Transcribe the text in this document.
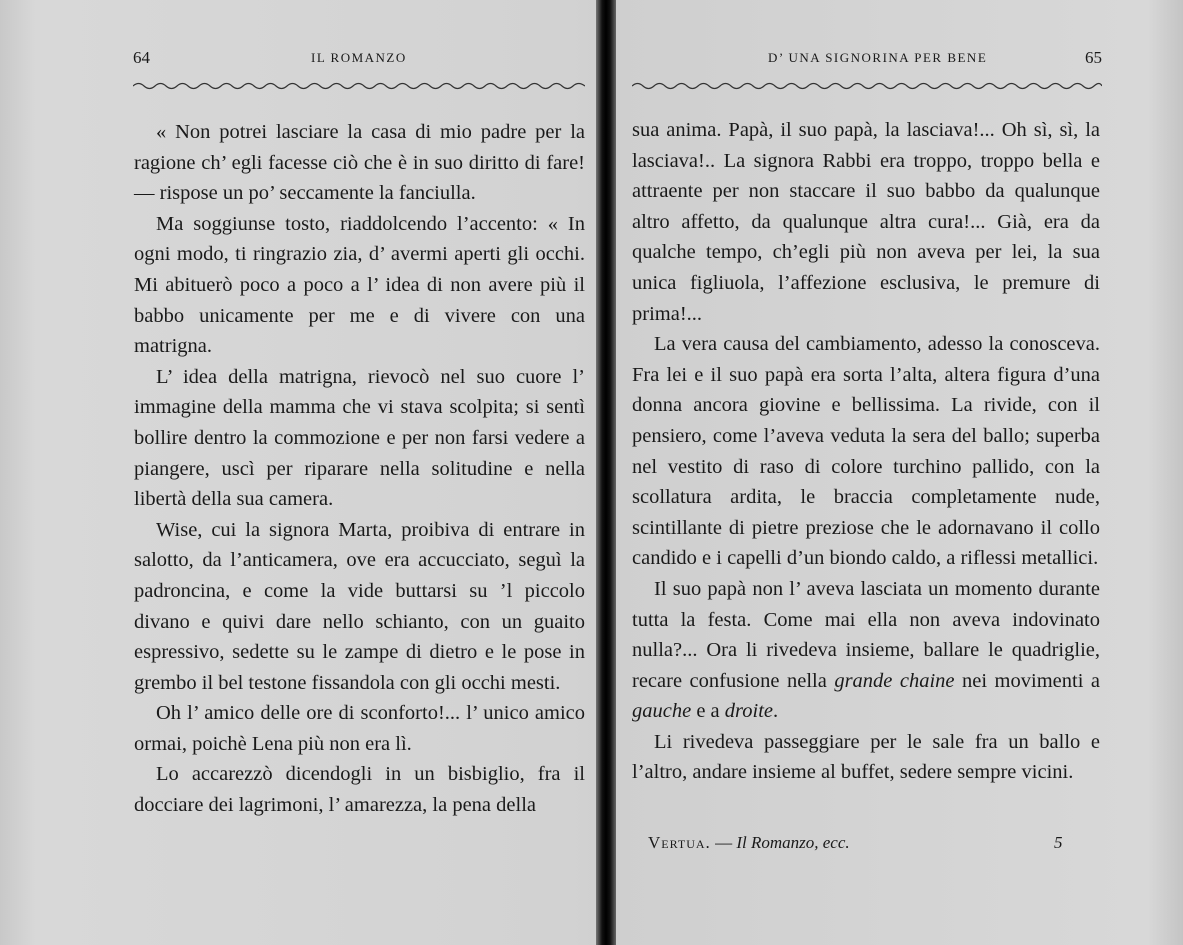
64	IL ROMANZO

« Non potrei lasciare la casa di mio padre per la ragione ch’ egli facesse ciò che è in suo diritto di fare! — rispose un po’ seccamente la fanciulla.

Ma soggiunse tosto, riaddolcendo l’accento: « In ogni modo, ti ringrazio zia, d’ avermi aperti gli occhi. Mi abituerò poco a poco a l’ idea di non avere più il babbo unicamente per me e di vivere con una matrigna.

L’ idea della matrigna, rievocò nel suo cuore l’ immagine della mamma che vi stava scolpita; si sentì bollire dentro la commozione e per non farsi vedere a piangere, uscì per riparare nella solitudine e nella libertà della sua camera.

Wise, cui la signora Marta, proibiva di entrare in salotto, da l’anticamera, ove era accucciato, seguì la padroncina, e come la vide buttarsi su ’l piccolo divano e quivi dare nello schianto, con un guaito espressivo, sedette su le zampe di dietro e le pose in grembo il bel testone fissandola con gli occhi mesti.

Oh l’ amico delle ore di sconforto!... l’ unico amico ormai, poichè Lena più non era lì.

Lo accarezzò dicendogli in un bisbiglio, fra il docciare dei lagrimoni, l’ amarezza, la pena della

D’ UNA SIGNORINA PER BENE	65

sua anima. Papà, il suo papà, la lasciava!... Oh sì, sì, la lasciava!.. La signora Rabbi era troppo, troppo bella e attraente per non staccare il suo babbo da qualunque altro affetto, da qualunque altra cura!... Già, era da qualche tempo, ch’egli più non aveva per lei, la sua unica figliuola, l’affezione esclusiva, le premure di prima!...

La vera causa del cambiamento, adesso la conosceva. Fra lei e il suo papà era sorta l’alta, altera figura d’una donna ancora giovine e bellissima. La rivide, con il pensiero, come l’aveva veduta la sera del ballo; superba nel vestito di raso di colore turchino pallido, con la scollatura ardita, le braccia completamente nude, scintillante di pietre preziose che le adornavano il collo candido e i capelli d’un biondo caldo, a riflessi metallici.

Il suo papà non l’ aveva lasciata un momento durante tutta la festa. Come mai ella non aveva indovinato nulla?... Ora li rivedeva insieme, ballare le quadriglie, recare confusione nella grande chaine nei movimenti a gauche e a droite.

Li rivedeva passeggiare per le sale fra un ballo e l’altro, andare insieme al buffet, sedere sempre vicini.

Vertua. — Il Romanzo, ecc.	5
